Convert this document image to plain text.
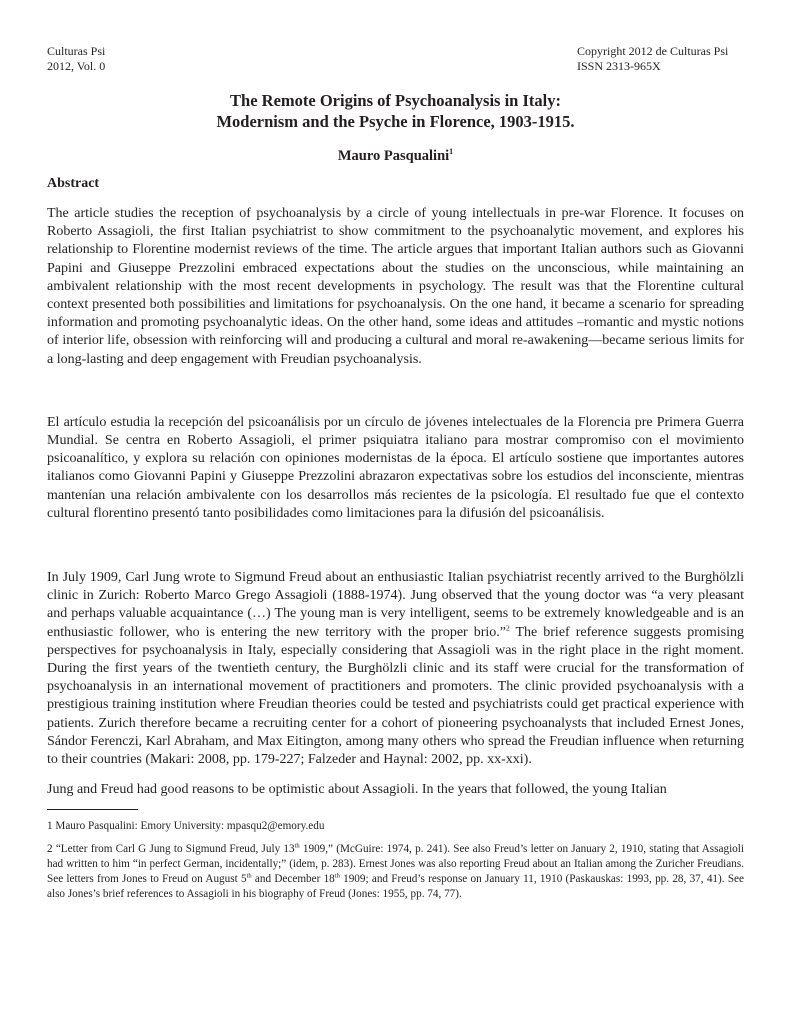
Culturas Psi
2012, Vol. 0
Copyright 2012 de Culturas Psi
ISSN 2313-965X
The Remote Origins of Psychoanalysis in Italy:
Modernism and the Psyche in Florence, 1903-1915.
Mauro Pasqualini$^1$
Abstract

The article studies the reception of psychoanalysis by a circle of young intellectuals in pre-war Florence. It focuses on Roberto Assagioli, the first Italian psychiatrist to show commitment to the psychoanalytic movement, and explores his relationship to Florentine modernist reviews of the time. The article argues that important Italian authors such as Giovanni Papini and Giuseppe Prezzolini embraced expectations about the studies on the unconscious, while maintaining an ambivalent relationship with the most recent developments in psychology. The result was that the Florentine cultural context presented both possibilities and limitations for psychoanalysis. On the one hand, it became a scenario for spreading information and promoting psychoanalytic ideas. On the other hand, some ideas and attitudes –romantic and mystic notions of interior life, obsession with reinforcing will and producing a cultural and moral re-awakening—became serious limits for a long-lasting and deep engagement with Freudian psychoanalysis.

El artículo estudia la recepción del psicoanálisis por un círculo de jóvenes intelectuales de la Florencia pre Primera Guerra Mundial. Se centra en Roberto Assagioli, el primer psiquiatra italiano para mostrar compromiso con el movimiento psicoanalítico, y explora su relación con opiniones modernistas de la época. El artículo sostiene que importantes autores italianos como Giovanni Papini y Giuseppe Prezzolini abrazaron expectativas sobre los estudios del inconsciente, mientras mantenían una relación ambivalente con los desarrollos más recientes de la psicología. El resultado fue que el contexto cultural florentino presentó tanto posibilidades como limitaciones para la difusión del psicoanálisis.

In July 1909, Carl Jung wrote to Sigmund Freud about an enthusiastic Italian psychiatrist recently arrived to the Burghölzli clinic in Zurich: Roberto Marco Grego Assagioli (1888-1974). Jung observed that the young doctor was “a very pleasant and perhaps valuable acquaintance (…) The young man is very intelligent, seems to be extremely knowledgeable and is an enthusiastic follower, who is entering the new territory with the proper brio.”$^2$ The brief reference suggests promising perspectives for psychoanalysis in Italy, especially considering that Assagioli was in the right place in the right moment. During the first years of the twentieth century, the Burghölzli clinic and its staff were crucial for the transformation of psychoanalysis in an international movement of practitioners and promoters. The clinic provided psychoanalysis with a prestigious training institution where Freudian theories could be tested and psychiatrists could get practical experience with patients. Zurich therefore became a recruiting center for a cohort of pioneering psychoanalysts that included Ernest Jones, Sándor Ferenczi, Karl Abraham, and Max Eitington, among many others who spread the Freudian influence when returning to their countries (Makari: 2008, pp. 179-227; Falzeder and Haynal: 2002, pp. xx-xxi).

Jung and Freud had good reasons to be optimistic about Assagioli. In the years that followed, the young Italian

1 Mauro Pasqualini: Emory University: mpasqu2@emory.edu

2 “Letter from Carl G Jung to Sigmund Freud, July 13th 1909,” (McGuire: 1974, p. 241). See also Freud’s letter on January 2, 1910, stating that Assagioli had written to him “in perfect German, incidentally;” (idem, p. 283). Ernest Jones was also reporting Freud about an Italian among the Zuricher Freudians. See letters from Jones to Freud on August 5th and December 18th 1909; and Freud’s response on January 11, 1910 (Paskauskas: 1993, pp. 28, 37, 41). See also Jones’s brief references to Assagioli in his biography of Freud (Jones: 1955, pp. 74, 77).
